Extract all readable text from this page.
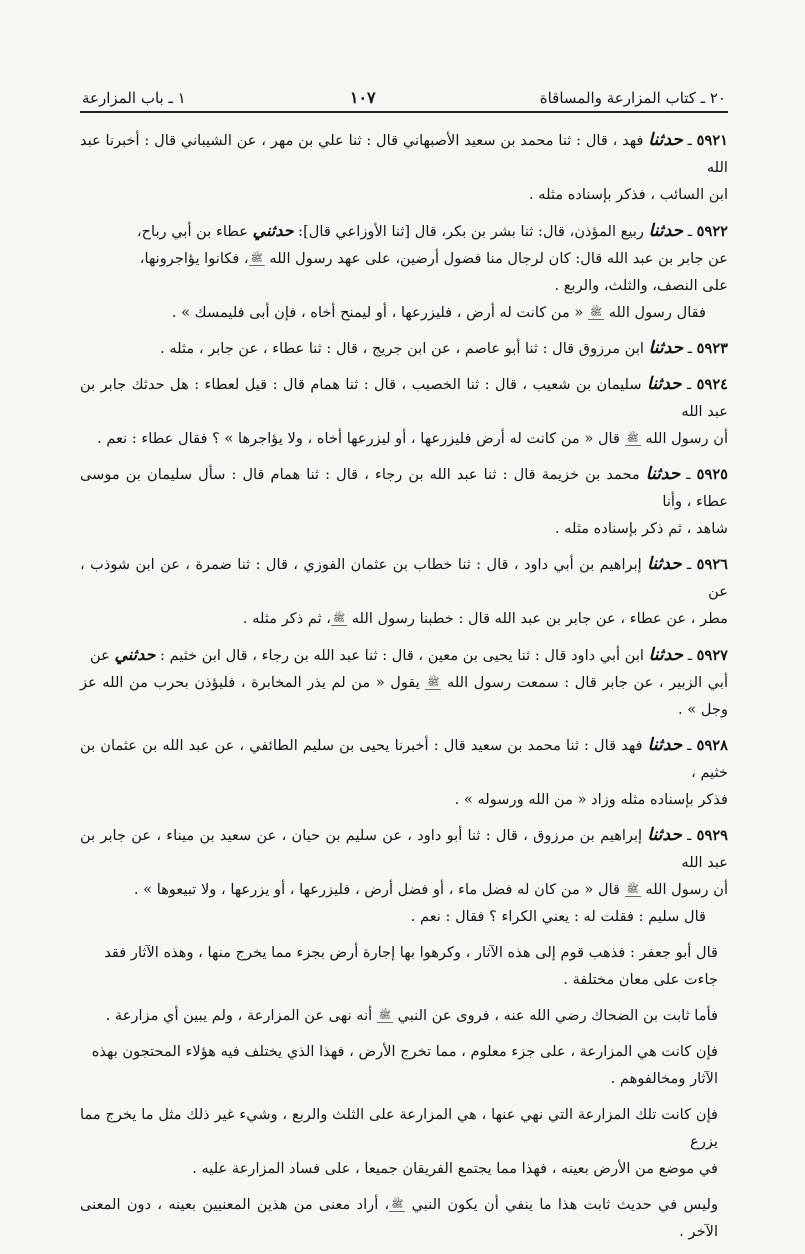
٢٠ ـ كتاب المزارعة والمساقاة
١٠٧
١ ـ باب المزارعة

٥٩٢١ ـ حدثنا فهد ، قال : ثنا محمد بن سعيد الأصبهاني قال : ثنا علي بن مهر ، عن الشيباني قال : أخبرنا عبد الله

ابن السائب ، فذكر بإسناده مثله .

٥٩٢٢ ـ حدثنا ربيع المؤذن، قال: ثنا بشر بن بكر، قال [ثنا الأوزاعي قال]: حدثني عطاء بن أبي رباح،

عن جابر بن عبد الله قال: كان لرجال منا فضول أرضين، على عهد رسول الله ﷺ، فكانوا يؤاجرونها،

على النصف، والثلث، والربع .

فقال رسول الله ﷺ « من كانت له أرض ، فليزرعها ، أو ليمنح أخاه ، فإن أبى فليمسك » .

٥٩٢٣ ـ حدثنا ابن مرزوق قال : ثنا أبو عاصم ، عن ابن جريج ، قال : ثنا عطاء ، عن جابر ، مثله .

٥٩٢٤ ـ حدثنا سليمان بن شعيب ، قال : ثنا الخصيب ، قال : ثنا همام قال : قيل لعطاء : هل حدثك جابر بن عبد الله

أن رسول الله ﷺ قال « من كانت له أرض فليزرعها ، أو ليزرعها أخاه ، ولا يؤاجرها » ؟ فقال عطاء : نعم .

٥٩٢٥ ـ حدثنا محمد بن خزيمة قال : ثنا عبد الله بن رجاء ، قال : ثنا همام قال : سأل سليمان بن موسى عطاء ، وأنا

شاهد ، ثم ذكر بإسناده مثله .

٥٩٢٦ ـ حدثنا إبراهيم بن أبي داود ، قال : ثنا خطاب بن عثمان الفوزي ، قال : ثنا ضمرة ، عن ابن شوذب ، عن

مطر ، عن عطاء ، عن جابر بن عبد الله قال : خطبنا رسول الله ﷺ، ثم ذكر مثله .

٥٩٢٧ ـ حدثنا ابن أبي داود قال : ثنا يحيى بن معين ، قال : ثنا عبد الله بن رجاء ، قال ابن خثيم : حدثني عن

أبي الزبير ، عن جابر قال : سمعت رسول الله ﷺ يقول « من لم يذر المخابرة ، فليؤذن بحرب من الله عز وجل » .

٥٩٢٨ ـ حدثنا فهد قال : ثنا محمد بن سعيد قال : أخبرنا يحيى بن سليم الطائفي ، عن عبد الله بن عثمان بن خثيم ،

فذكر بإسناده مثله وزاد « من الله ورسوله » .

٥٩٢٩ ـ حدثنا إبراهيم بن مرزوق ، قال : ثنا أبو داود ، عن سليم بن حيان ، عن سعيد بن ميناء ، عن جابر بن عبد الله

أن رسول الله ﷺ قال « من كان له فضل ماء ، أو فضل أرض ، فليزرعها ، أو يزرعها ، ولا تبيعوها » .

قال سليم : فقلت له : يعني الكراء ؟ فقال : نعم .

قال أبو جعفر : فذهب قوم إلى هذه الآثار ، وكرهوا بها إجارة أرض بجزء مما يخرج منها ، وهذه الآثار فقد

جاءت على معان مختلفة .

فأما ثابت بن الضحاك رضي الله عنه ، فروى عن النبي ﷺ أنه نهى عن المزارعة ، ولم يبين أي مزارعة .

فإن كانت هي المزارعة ، على جزء معلوم ، مما تخرج الأرض ، فهذا الذي يختلف فيه هؤلاء المحتجون بهذه

الآثار ومخالفوهم .

فإن كانت تلك المزارعة التي نهي عنها ، هي المزارعة على الثلث والربع ، وشيء غير ذلك مثل ما يخرج مما يزرع

في موضع من الأرض بعينه ، فهذا مما يجتمع الفريقان جميعا ، على فساد المزارعة عليه .

وليس في حديث ثابت هذا ما ينفي أن يكون النبي ﷺ، أراد معنى من هذين المعنيين بعينه ، دون المعنى الآخر .
